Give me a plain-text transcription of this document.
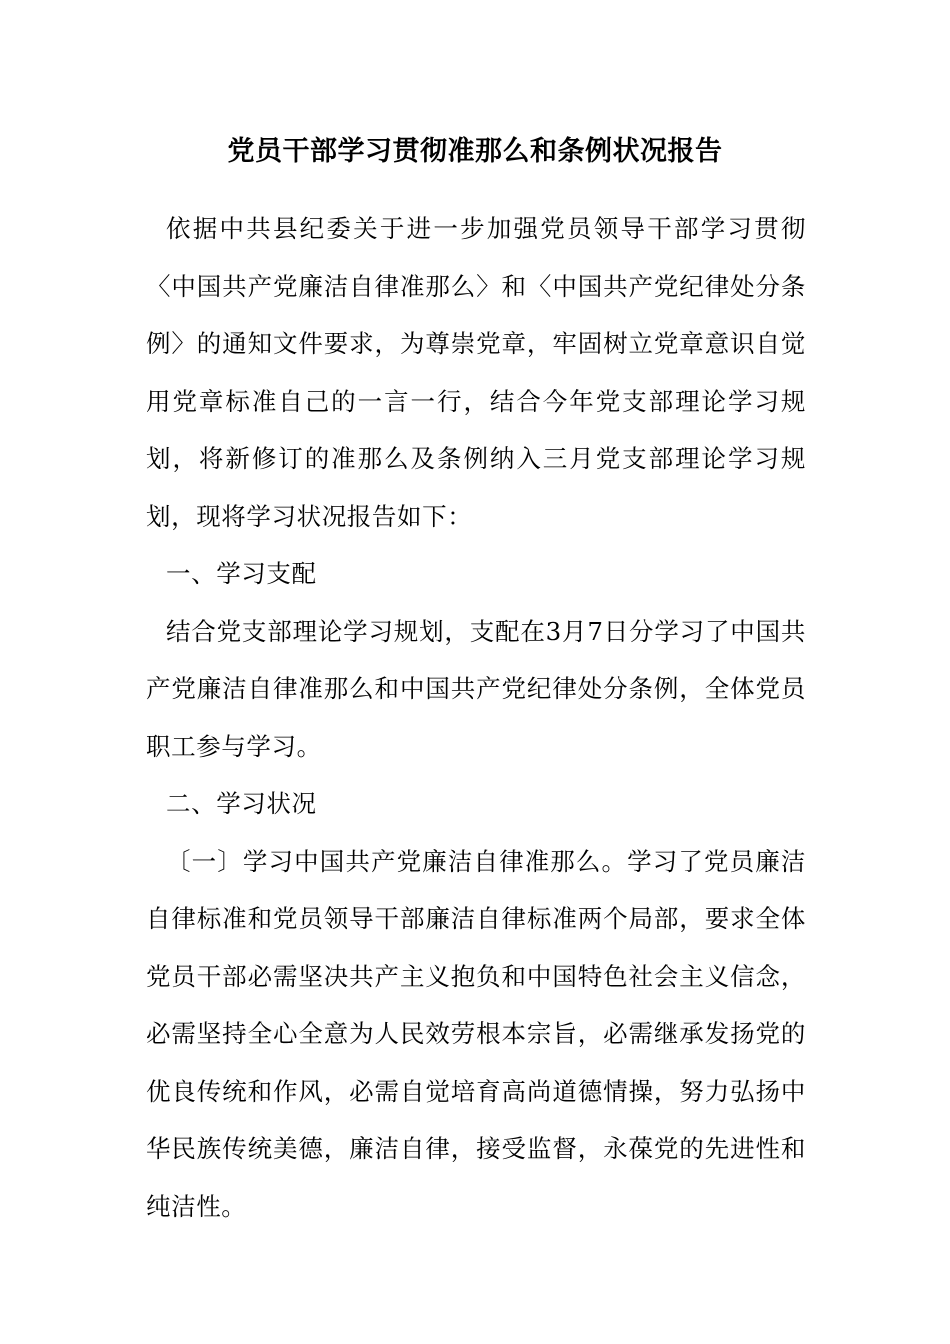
党员干部学习贯彻准那么和条例状况报告

依据中共县纪委关于进一步加强党员领导干部学习贯彻〈中国共产党廉洁自律准那么〉和〈中国共产党纪律处分条例〉的通知文件要求，为尊崇党章，牢固树立党章意识自觉用党章标准自己的一言一行，结合今年党支部理论学习规划，将新修订的准那么及条例纳入三月党支部理论学习规划，现将学习状况报告如下：

一、学习支配

结合党支部理论学习规划，支配在3月7日分学习了中国共产党廉洁自律准那么和中国共产党纪律处分条例，全体党员职工参与学习。

二、学习状况

〔一〕学习中国共产党廉洁自律准那么。学习了党员廉洁自律标准和党员领导干部廉洁自律标准两个局部，要求全体党员干部必需坚决共产主义抱负和中国特色社会主义信念，必需坚持全心全意为人民效劳根本宗旨，必需继承发扬党的优良传统和作风，必需自觉培育高尚道德情操，努力弘扬中华民族传统美德，廉洁自律，接受监督，永葆党的先进性和纯洁性。
